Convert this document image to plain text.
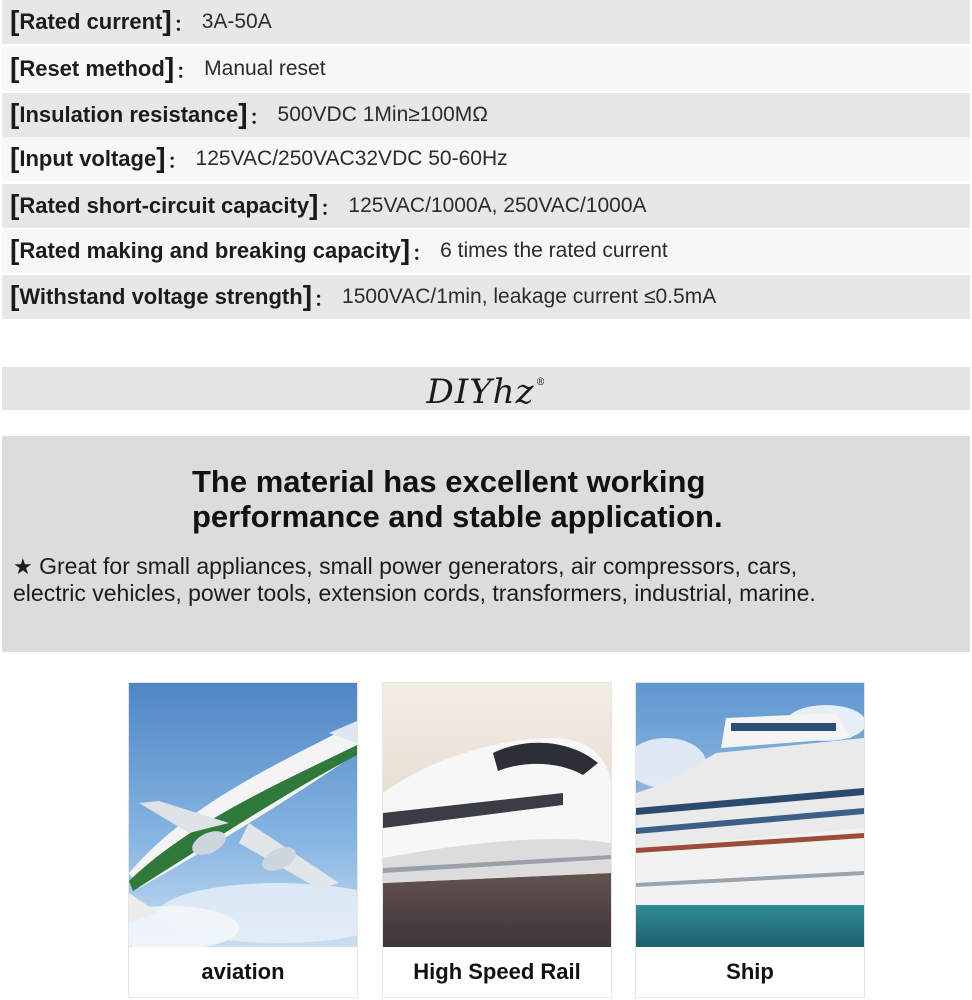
[ Rated current ] ： 3A-50A
[ Reset method ] ： Manual reset
[ Insulation resistance ] ： 500VDC 1Min≥100MΩ
[ Input voltage ] ： 125VAC/250VAC32VDC 50-60Hz
[ Rated short-circuit capacity ] ： 125VAC/1000A, 250VAC/1000A
[ Rated making and breaking capacity ] ： 6 times the rated current
[ Withstand voltage strength ] ： 1500VAC/1min, leakage current ≤0.5mA
DIYhz®
The material has excellent working
performance and stable application.
★ Great for small appliances, small power generators, air compressors, cars,
electric vehicles, power tools, extension cords, transformers, industrial, marine.
aviation	High Speed Rail	Ship
